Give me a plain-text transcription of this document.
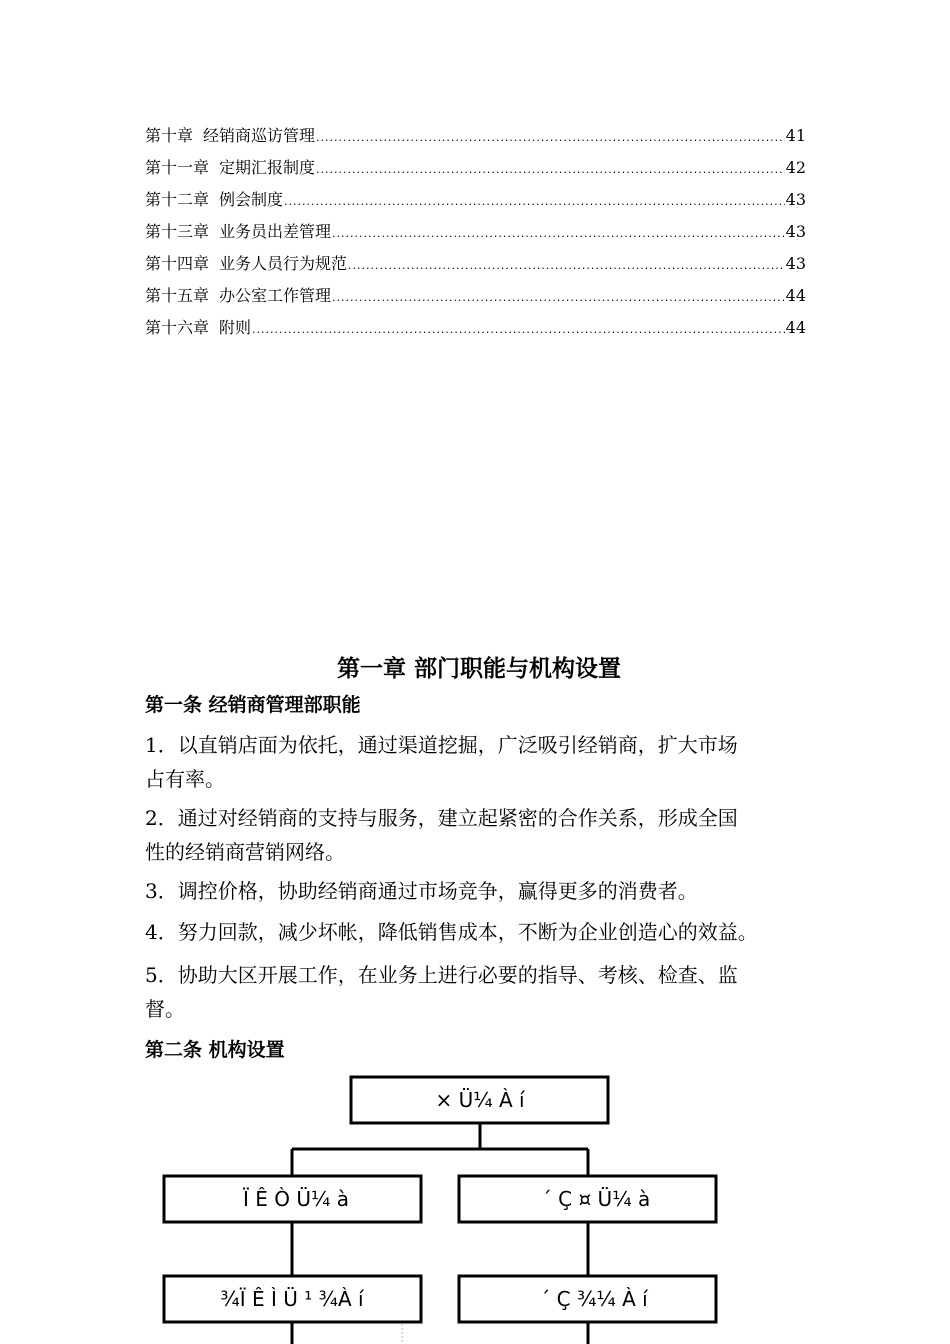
第十章 经销商巡访管理 .....	41
第十一章 定期汇报制度 .....	42
第十二章 例会制度 .....	43
第十三章 业务员出差管理 .....	43
第十四章 业务人员行为规范 .....	43
第十五章 办公室工作管理 .....	44
第十六章 附则 .....	44
第一章 部门职能与机构设置
第一条 经销商管理部职能
1．以直销店面为依托，通过渠道挖掘，广泛吸引经销商，扩大市场
占有率。
2．通过对经销商的支持与服务，建立起紧密的合作关系，形成全国
性的经销商营销网络。
3．调控价格，协助经销商通过市场竞争，赢得更多的消费者。
4．努力回款，减少坏帐，降低销售成本，不断为企业创造心的效益。
5．协助大区开展工作，在业务上进行必要的指导、考核、检查、监
督。
第二条 机构设置
× Ü¼ À í
Ï Ê Ò Ü¼ à	´ Ç ¤ Ü¼ à
¾Ï Ê Ì Ü ¹ ¾À í	´ Ç ¾¼ À í
